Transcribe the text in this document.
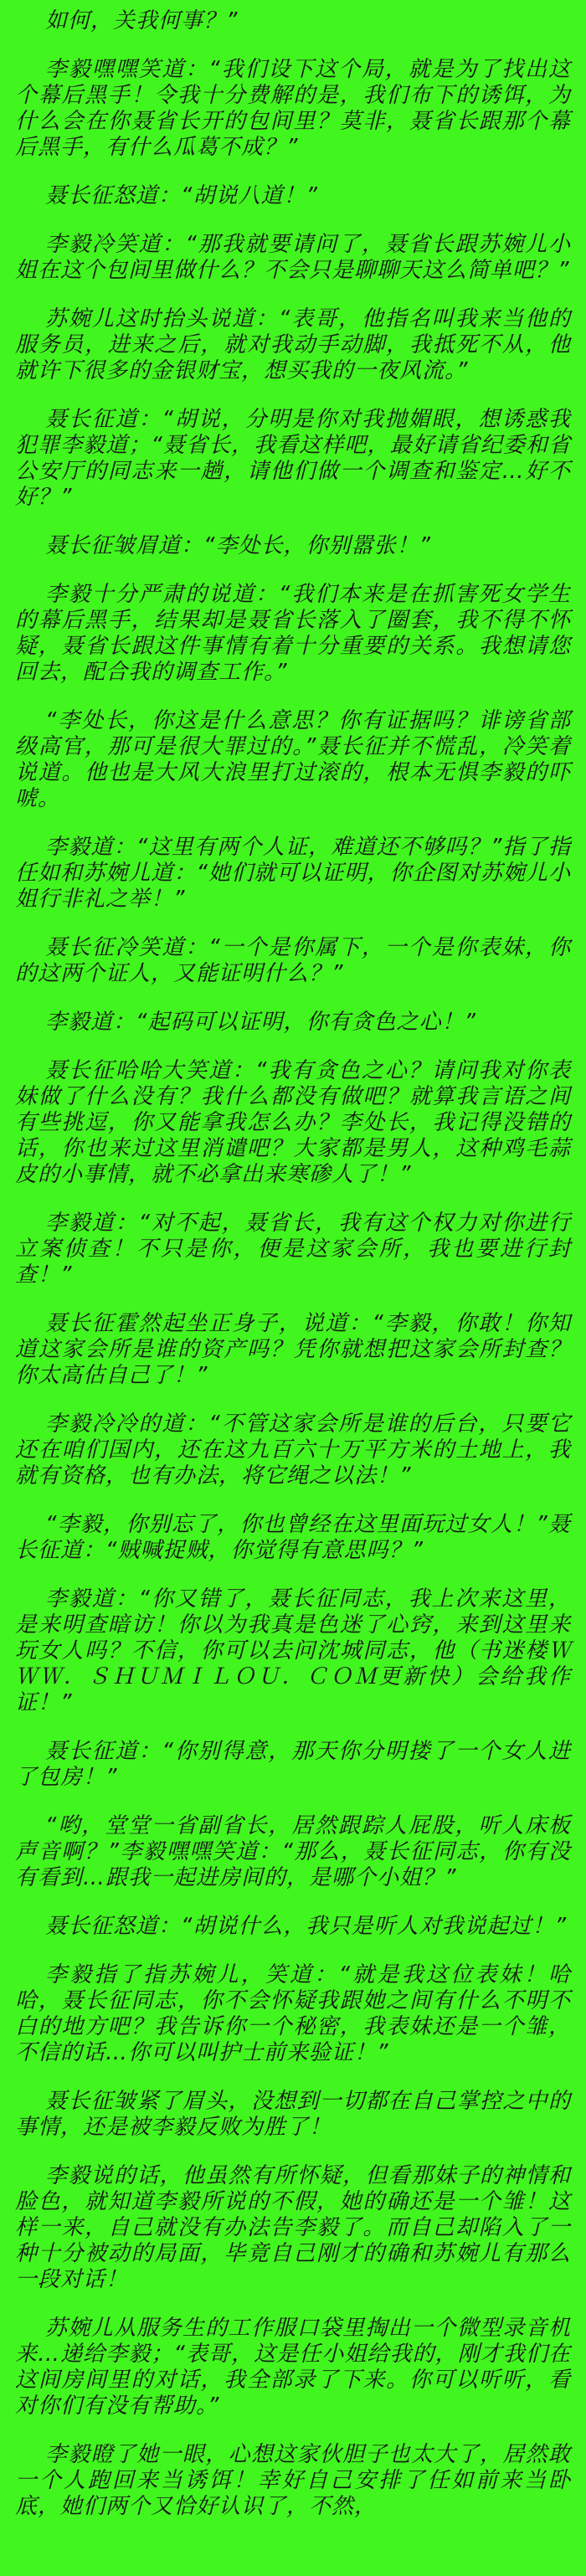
如何，关我何事？”

李毅嘿嘿笑道：“我们设下这个局，就是为了找出这个幕后黑手！令我十分费解的是，我们布下的诱饵，为什么会在你聂省长开的包间里？莫非，聂省长跟那个幕后黑手，有什么瓜葛不成？”

聂长征怒道：“胡说八道！”

李毅冷笑道：“那我就要请问了，聂省长跟苏婉儿小姐在这个包间里做什么？不会只是聊聊天这么简单吧？”

苏婉儿这时抬头说道：“表哥，他指名叫我来当他的服务员，进来之后，就对我动手动脚，我抵死不从，他就许下很多的金银财宝，想买我的一夜风流。”

聂长征道：“胡说，分明是你对我抛媚眼，想诱惑我犯罪李毅道；“聂省长，我看这样吧，最好请省纪委和省公安厅的同志来一趟，请他们做一个调查和鉴定…好不好？”

聂长征皱眉道：“李处长，你别嚣张！”

李毅十分严肃的说道：“我们本来是在抓害死女学生的幕后黑手，结果却是聂省长落入了圈套，我不得不怀疑，聂省长跟这件事情有着十分重要的关系。我想请您回去，配合我的调查工作。”

“李处长，你这是什么意思？你有证据吗？诽谤省部级高官，那可是很大罪过的。”聂长征并不慌乱，冷笑着说道。他也是大风大浪里打过滚的，根本无惧李毅的吓唬。

李毅道：“这里有两个人证，难道还不够吗？”指了指任如和苏婉儿道：“她们就可以证明，你企图对苏婉儿小姐行非礼之举！”

聂长征冷笑道：“一个是你属下，一个是你表妹，你的这两个证人，又能证明什么？”

李毅道：“起码可以证明，你有贪色之心！”

聂长征哈哈大笑道：“我有贪色之心？请问我对你表妹做了什么没有？我什么都没有做吧？就算我言语之间有些挑逗，你又能拿我怎么办？李处长，我记得没错的话，你也来过这里消谴吧？大家都是男人，这种鸡毛蒜皮的小事情，就不必拿出来寒碜人了！”

李毅道：“对不起，聂省长，我有这个权力对你进行立案侦查！不只是你，便是这家会所，我也要进行封查！”

聂长征霍然起坐正身子，说道：“李毅，你敢！你知道这家会所是谁的资产吗？凭你就想把这家会所封查？你太高估自己了！”

李毅冷冷的道：“不管这家会所是谁的后台，只要它还在咱们国内，还在这九百六十万平方米的土地上，我就有资格，也有办法，将它绳之以法！”

“李毅，你别忘了，你也曾经在这里面玩过女人！”聂长征道：“贼喊捉贼，你觉得有意思吗？”

李毅道：“你又错了，聂长征同志，我上次来这里，是来明查暗访！你以为我真是色迷了心窍，来到这里来玩女人吗？不信，你可以去问沈城同志，他（书迷楼ＷＷＷ．ＳＨＵＭＩＬＯＵ．ＣＯＭ更新快）会给我作证！”

聂长征道：“你别得意，那天你分明搂了一个女人进了包房！”

“哟，堂堂一省副省长，居然跟踪人屁股，听人床板声音啊？”李毅嘿嘿笑道：“那么，聂长征同志，你有没有看到…跟我一起进房间的，是哪个小姐？”

聂长征怒道：“胡说什么，我只是听人对我说起过！”

李毅指了指苏婉儿，笑道：“就是我这位表妹！哈哈，聂长征同志，你不会怀疑我跟她之间有什么不明不白的地方吧？我告诉你一个秘密，我表妹还是一个雏，不信的话…你可以叫护士前来验证！”

聂长征皱紧了眉头，没想到一切都在自己掌控之中的事情，还是被李毅反败为胜了！

李毅说的话，他虽然有所怀疑，但看那妹子的神情和脸色，就知道李毅所说的不假，她的确还是一个雏！这样一来，自己就没有办法告李毅了。而自己却陷入了一种十分被动的局面，毕竟自己刚才的确和苏婉儿有那么一段对话！

苏婉儿从服务生的工作服口袋里掏出一个微型录音机来…递给李毅；“表哥，这是任小姐给我的，刚才我们在这间房间里的对话，我全部录了下来。你可以听听，看对你们有没有帮助。”

李毅瞪了她一眼，心想这家伙胆子也太大了，居然敢一个人跑回来当诱饵！幸好自己安排了任如前来当卧底，她们两个又恰好认识了，不然，
